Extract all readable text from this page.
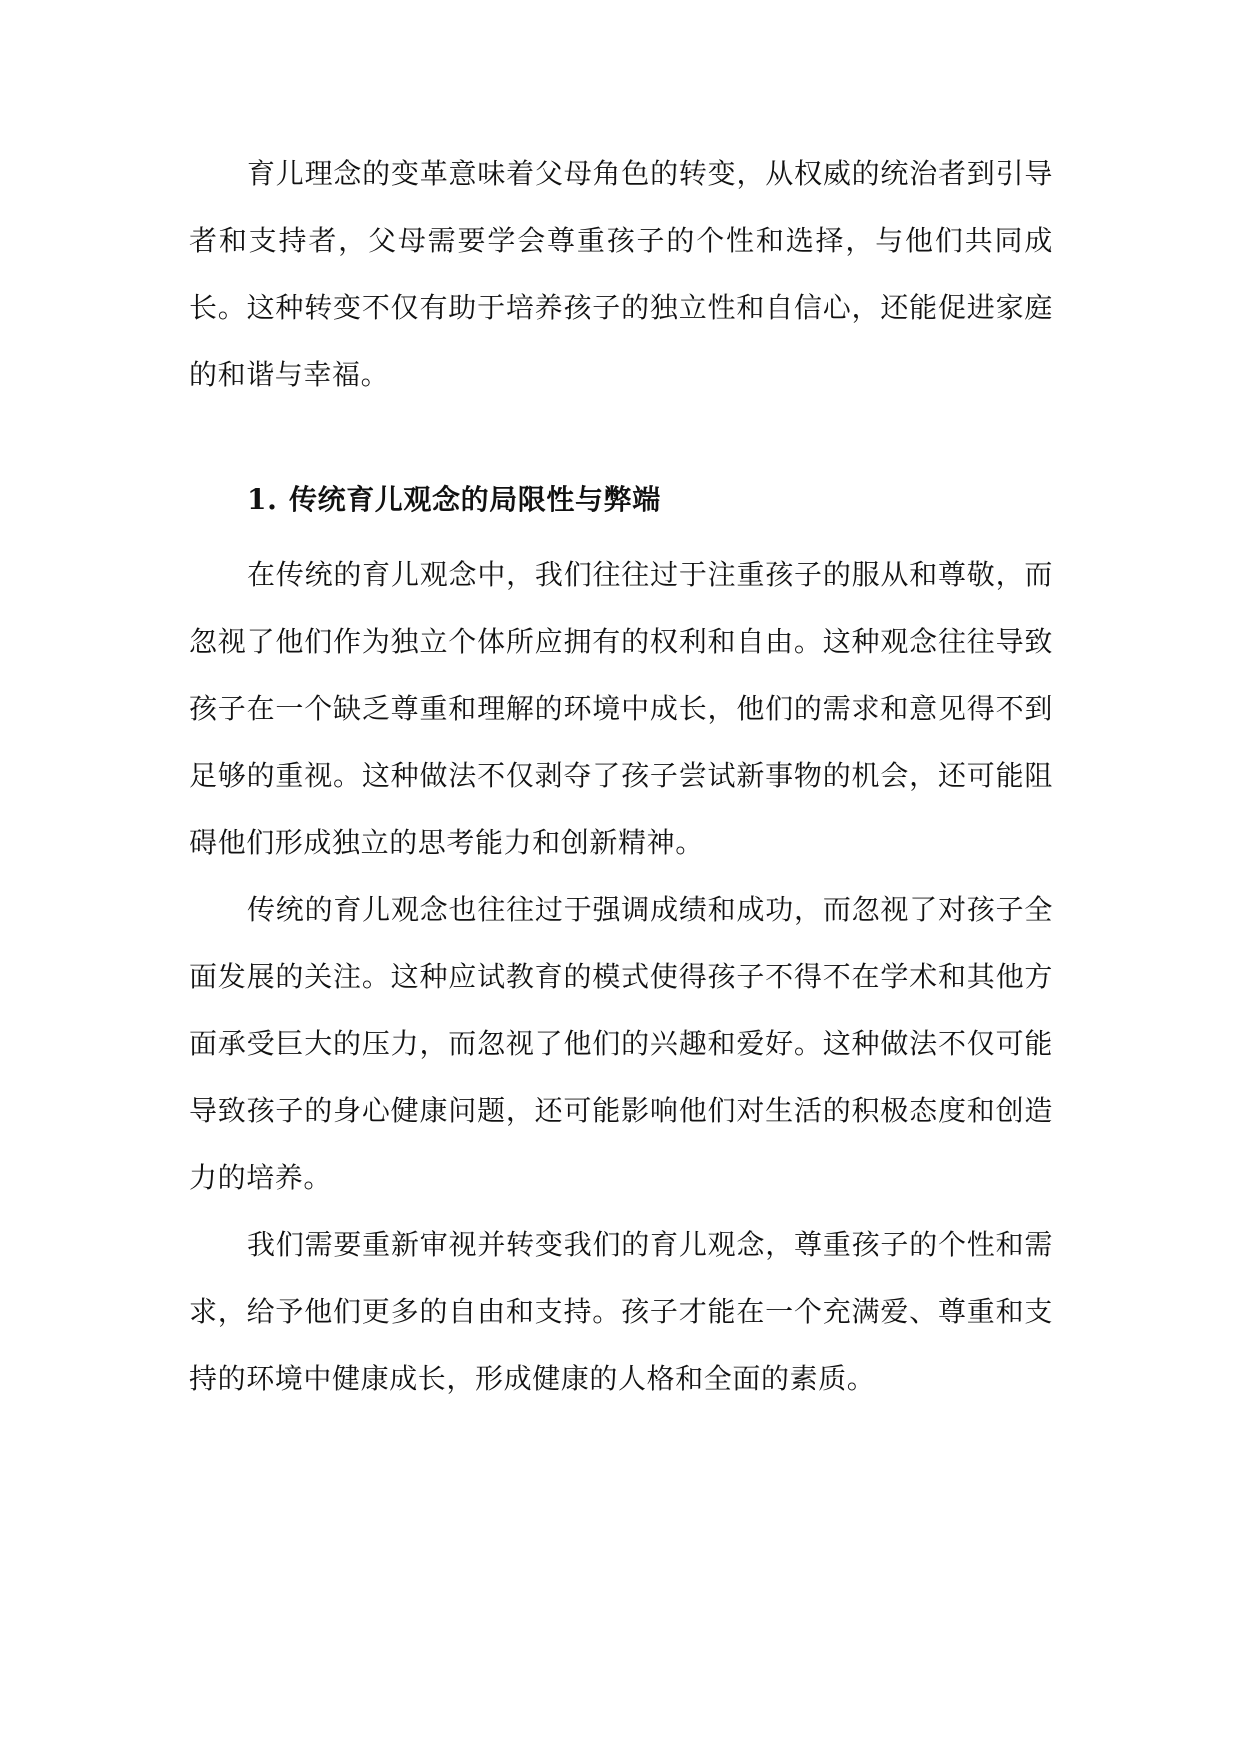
育儿理念的变革意味着父母角色的转变，从权威的统治者到引导者和支持者，父母需要学会尊重孩子的个性和选择，与他们共同成长。这种转变不仅有助于培养孩子的独立性和自信心，还能促进家庭的和谐与幸福。

1. 传统育儿观念的局限性与弊端

在传统的育儿观念中，我们往往过于注重孩子的服从和尊敬，而忽视了他们作为独立个体所应拥有的权利和自由。这种观念往往导致孩子在一个缺乏尊重和理解的环境中成长，他们的需求和意见得不到足够的重视。这种做法不仅剥夺了孩子尝试新事物的机会，还可能阻碍他们形成独立的思考能力和创新精神。

传统的育儿观念也往往过于强调成绩和成功，而忽视了对孩子全面发展的关注。这种应试教育的模式使得孩子不得不在学术和其他方面承受巨大的压力，而忽视了他们的兴趣和爱好。这种做法不仅可能导致孩子的身心健康问题，还可能影响他们对生活的积极态度和创造力的培养。

我们需要重新审视并转变我们的育儿观念，尊重孩子的个性和需求，给予他们更多的自由和支持。孩子才能在一个充满爱、尊重和支持的环境中健康成长，形成健康的人格和全面的素质。
